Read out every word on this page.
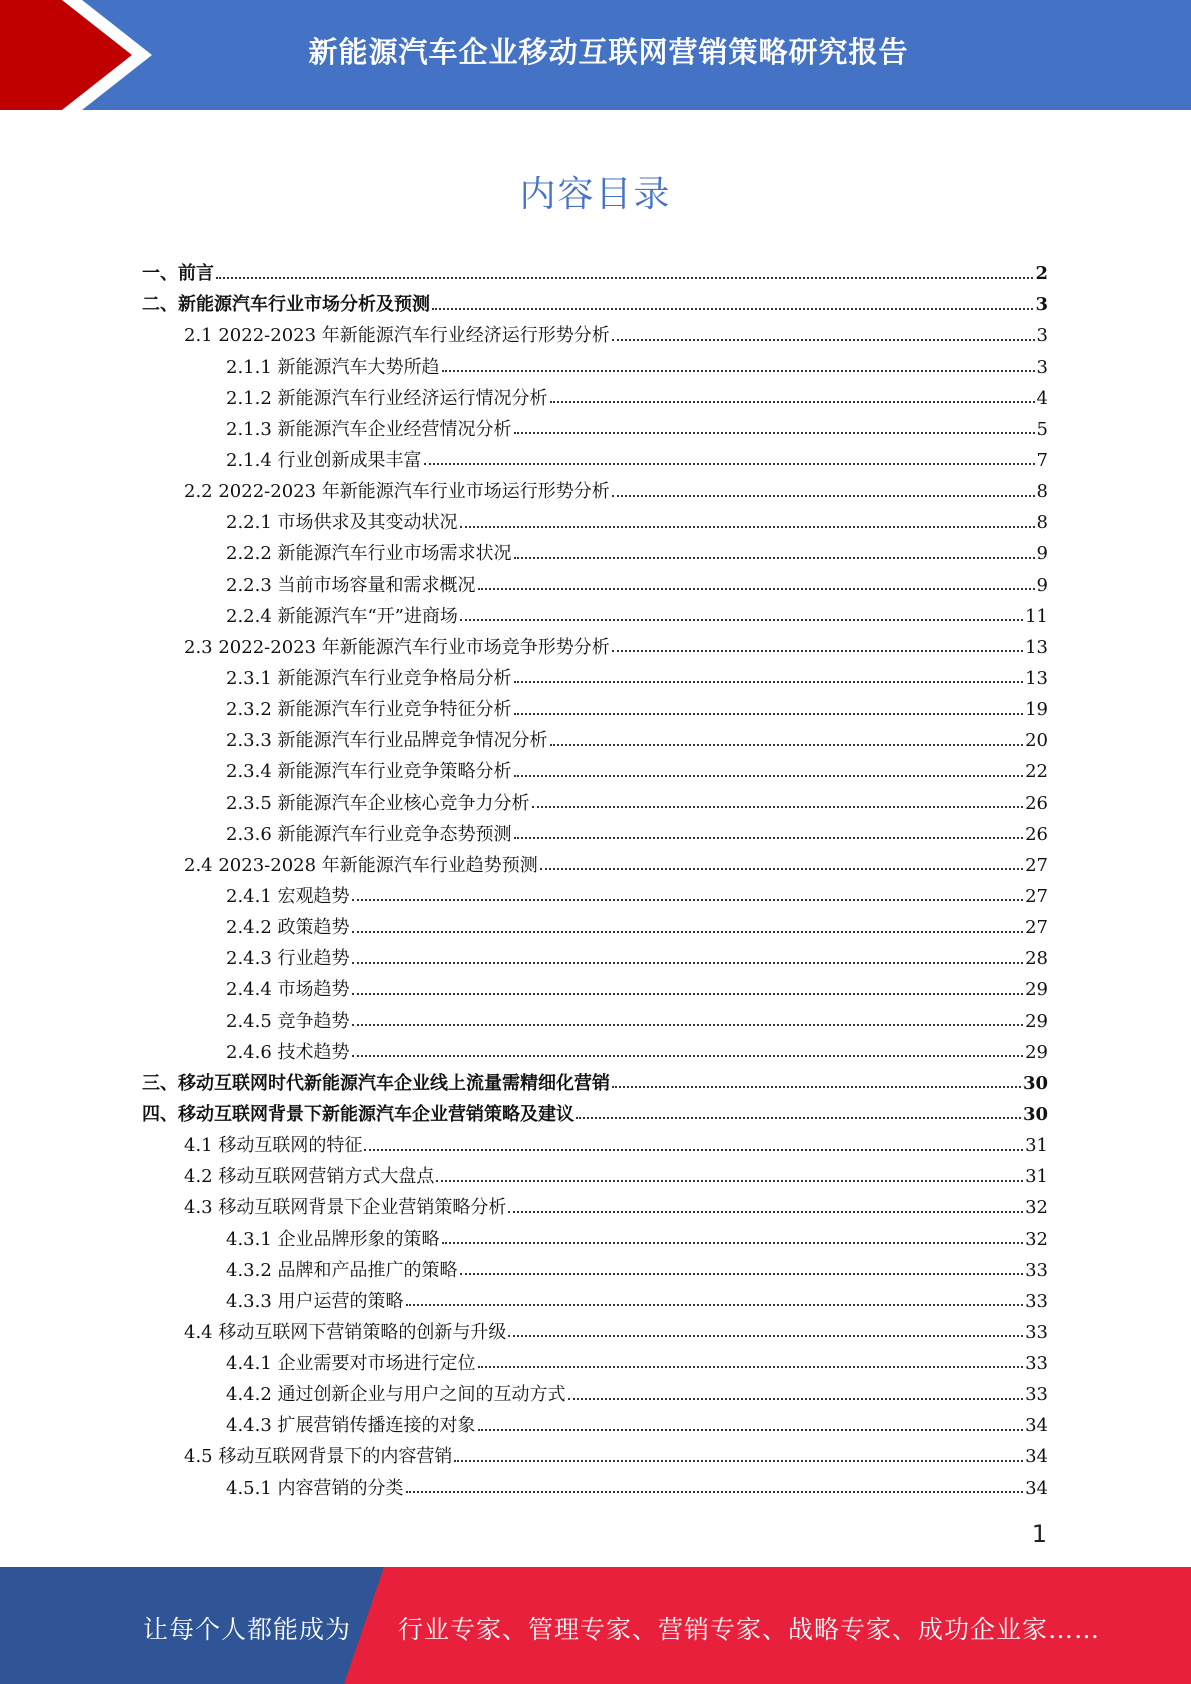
新能源汽车企业移动互联网营销策略研究报告
内容目录
一、前言	2
二、新能源汽车行业市场分析及预测	3
2.1 2022-2023 年新能源汽车行业经济运行形势分析	3
2.1.1 新能源汽车大势所趋	3
2.1.2 新能源汽车行业经济运行情况分析	4
2.1.3 新能源汽车企业经营情况分析	5
2.1.4 行业创新成果丰富	7
2.2 2022-2023 年新能源汽车行业市场运行形势分析	8
2.2.1 市场供求及其变动状况	8
2.2.2 新能源汽车行业市场需求状况	9
2.2.3 当前市场容量和需求概况	9
2.2.4 新能源汽车“开”进商场	11
2.3 2022-2023 年新能源汽车行业市场竞争形势分析	13
2.3.1 新能源汽车行业竞争格局分析	13
2.3.2 新能源汽车行业竞争特征分析	19
2.3.3 新能源汽车行业品牌竞争情况分析	20
2.3.4 新能源汽车行业竞争策略分析	22
2.3.5 新能源汽车企业核心竞争力分析	26
2.3.6 新能源汽车行业竞争态势预测	26
2.4 2023-2028 年新能源汽车行业趋势预测	27
2.4.1 宏观趋势	27
2.4.2 政策趋势	27
2.4.3 行业趋势	28
2.4.4 市场趋势	29
2.4.5 竞争趋势	29
2.4.6 技术趋势	29
三、移动互联网时代新能源汽车企业线上流量需精细化营销	30
四、移动互联网背景下新能源汽车企业营销策略及建议	30
4.1 移动互联网的特征	31
4.2 移动互联网营销方式大盘点	31
4.3 移动互联网背景下企业营销策略分析	32
4.3.1 企业品牌形象的策略	32
4.3.2 品牌和产品推广的策略	33
4.3.3 用户运营的策略	33
4.4 移动互联网下营销策略的创新与升级	33
4.4.1 企业需要对市场进行定位	33
4.4.2 通过创新企业与用户之间的互动方式	33
4.4.3 扩展营销传播连接的对象	34
4.5 移动互联网背景下的内容营销	34
4.5.1 内容营销的分类	34
1
让每个人都能成为 行业专家、管理专家、营销专家、战略专家、成功企业家……
